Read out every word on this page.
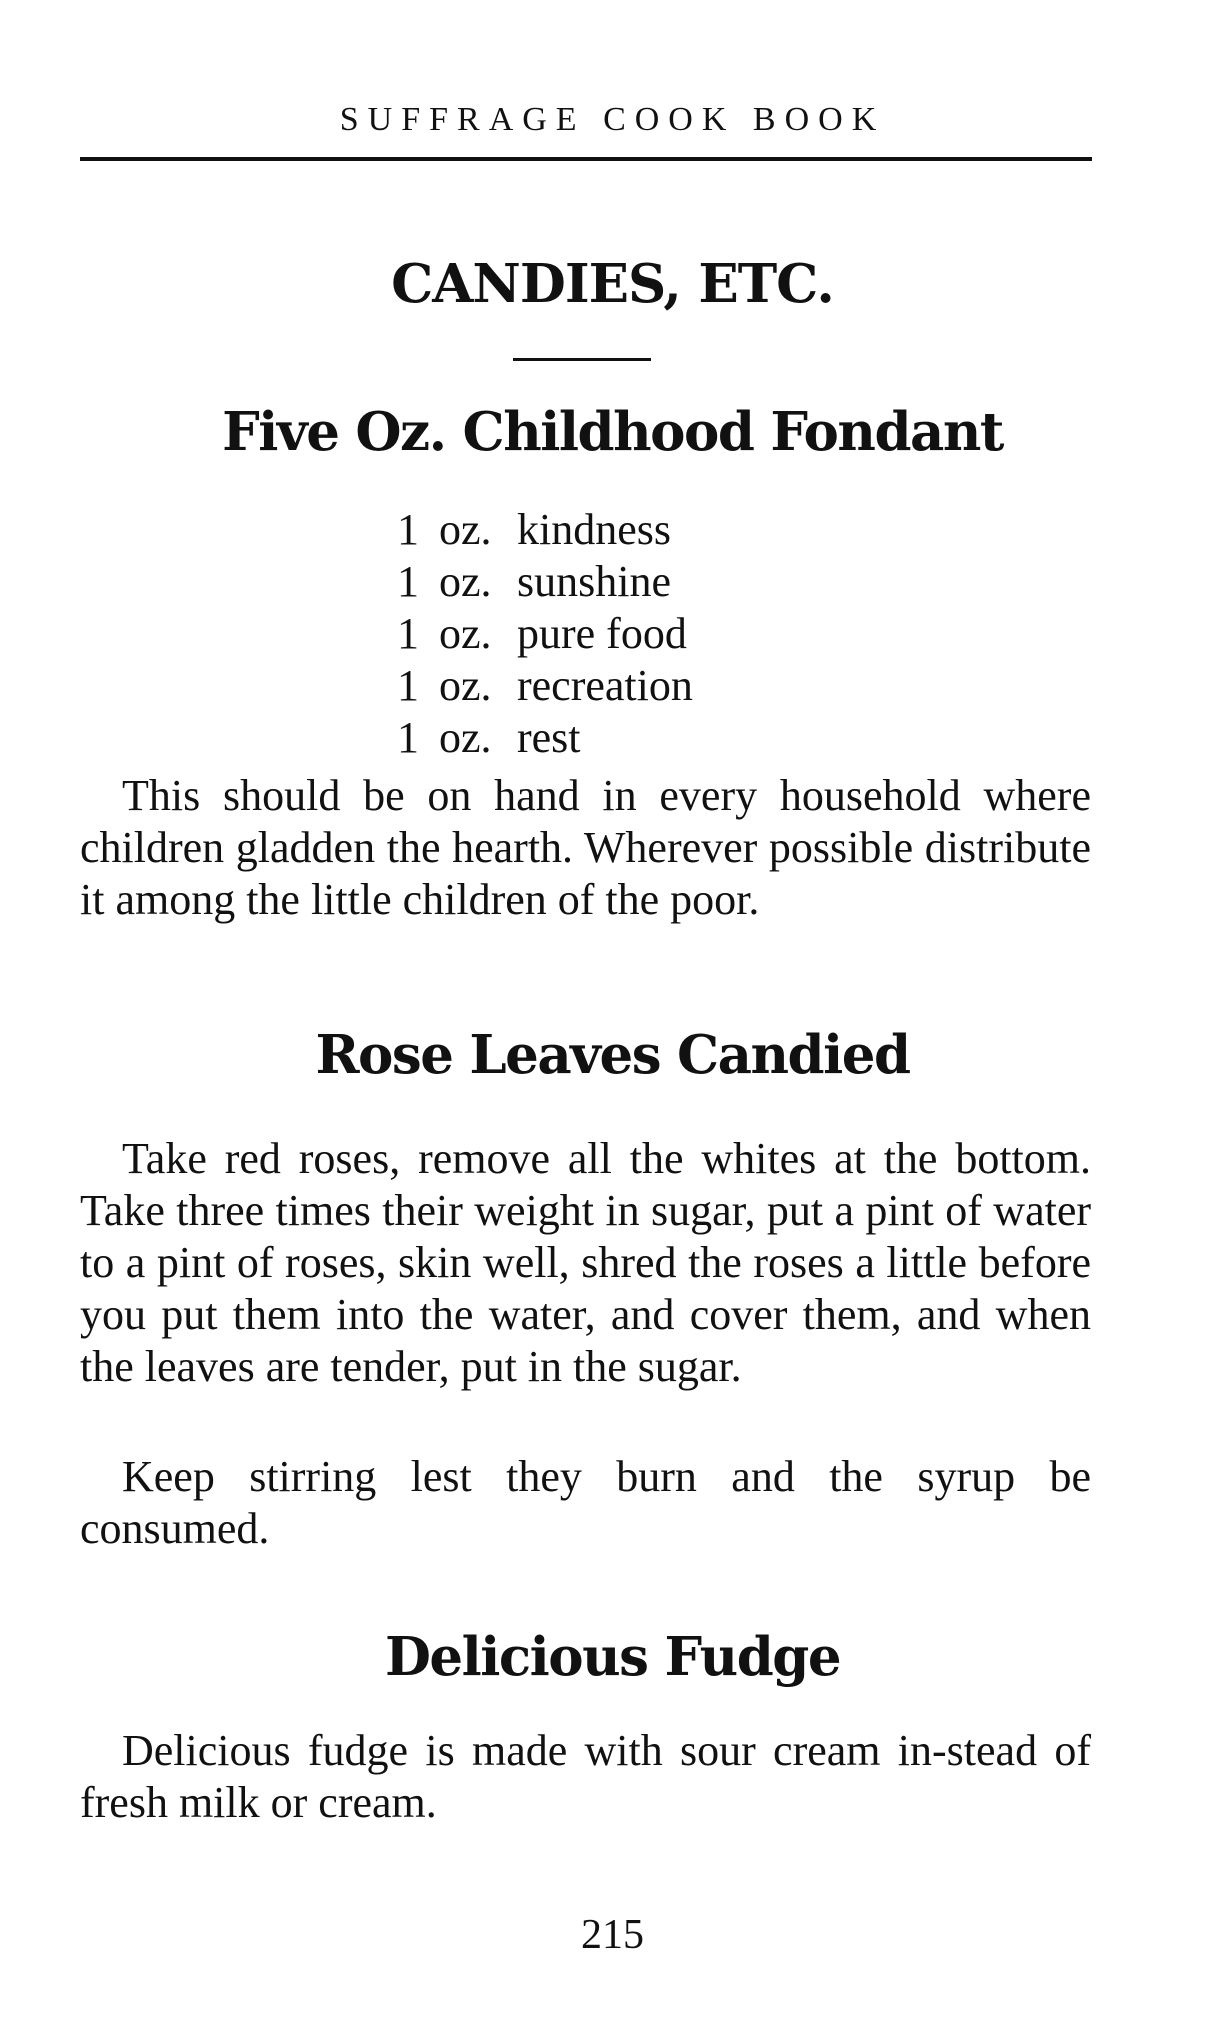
SUFFRAGE COOK BOOK
CANDIES, ETC.
Five Oz. Childhood Fondant
1 oz. kindness
1 oz. sunshine
1 oz. pure food
1 oz. recreation
1 oz. rest

This should be on hand in every household where children gladden the hearth. Wherever possible distribute it among the little children of the poor.

Rose Leaves Candied

Take red roses, remove all the whites at the bottom. Take three times their weight in sugar, put a pint of water to a pint of roses, skin well, shred the roses a little before you put them into the water, and cover them, and when the leaves are tender, put in the sugar.

Keep stirring lest they burn and the syrup be consumed.

Delicious Fudge

Delicious fudge is made with sour cream in-stead of fresh milk or cream.

215
